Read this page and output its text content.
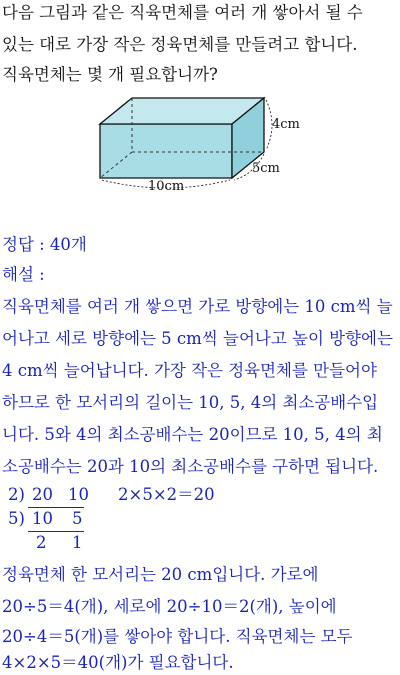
다음 그림과 같은 직육면체를 여러 개 쌓아서 될 수
있는 대로 가장 작은 정육면체를 만들려고 합니다.
직육면체는 몇 개 필요합니까?
4cm
5cm
10cm
정답 : 40개
해설 :
직육면체를 여러 개 쌓으면 가로 방향에는 10 cm씩 늘
어나고 세로 방향에는 5 cm씩 늘어나고 높이 방향에는
4 cm씩 늘어납니다. 가장 작은 정육면체를 만들어야
하므로 한 모서리의 길이는 10, 5, 4의 최소공배수입
니다. 5와 4의 최소공배수는 20이므로 10, 5, 4의 최
소공배수는 20과 10의 최소공배수를 구하면 됩니다.
2) 20 10
5) 10 5
2 1
2×5×2＝20
정육면체 한 모서리는 20 cm입니다. 가로에
20÷5＝4(개), 세로에 20÷10＝2(개), 높이에
20÷4＝5(개)를 쌓아야 합니다. 직육면체는 모두
4×2×5＝40(개)가 필요합니다.
